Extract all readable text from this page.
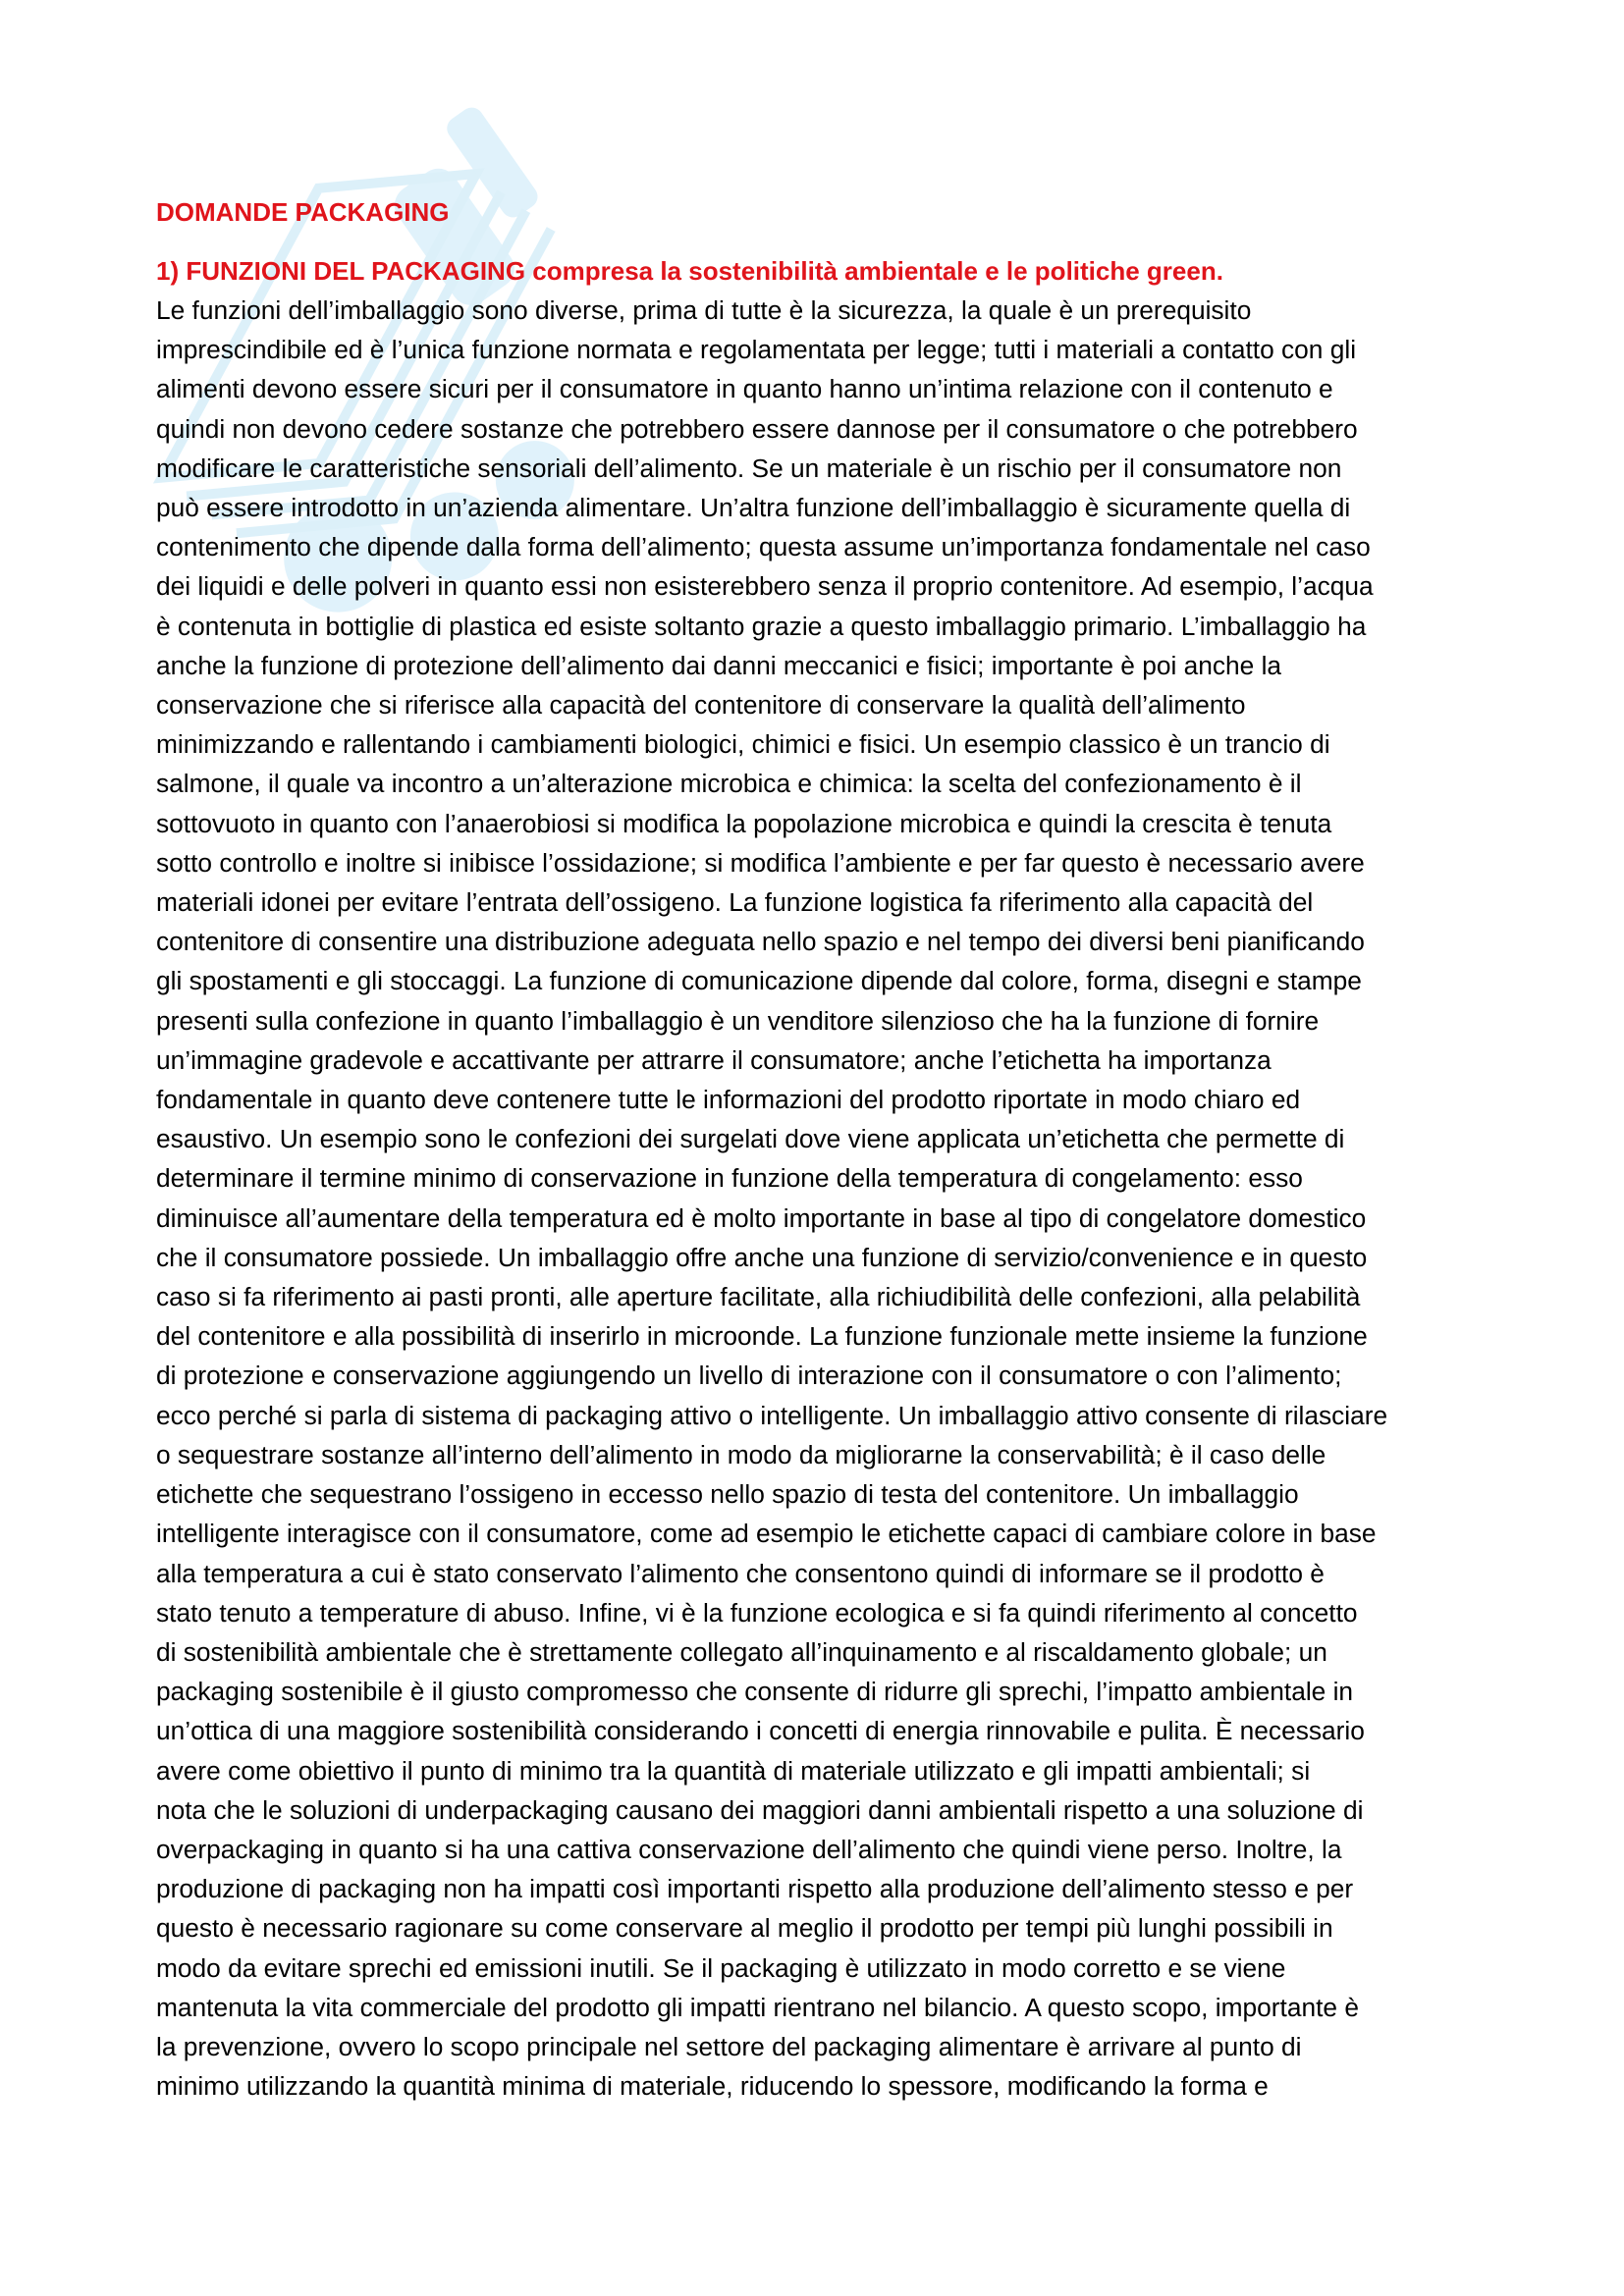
DOMANDE PACKAGING
1) FUNZIONI DEL PACKAGING compresa la sostenibilità ambientale e le politiche green.
Le funzioni dell’imballaggio sono diverse, prima di tutte è la sicurezza, la quale è un prerequisito
imprescindibile ed è l’unica funzione normata e regolamentata per legge; tutti i materiali a contatto con gli
alimenti devono essere sicuri per il consumatore in quanto hanno un’intima relazione con il contenuto e
quindi non devono cedere sostanze che potrebbero essere dannose per il consumatore o che potrebbero
modificare le caratteristiche sensoriali dell’alimento. Se un materiale è un rischio per il consumatore non
può essere introdotto in un’azienda alimentare. Un’altra funzione dell’imballaggio è sicuramente quella di
contenimento che dipende dalla forma dell’alimento; questa assume un’importanza fondamentale nel caso
dei liquidi e delle polveri in quanto essi non esisterebbero senza il proprio contenitore. Ad esempio, l’acqua
è contenuta in bottiglie di plastica ed esiste soltanto grazie a questo imballaggio primario. L’imballaggio ha
anche la funzione di protezione dell’alimento dai danni meccanici e fisici; importante è poi anche la
conservazione che si riferisce alla capacità del contenitore di conservare la qualità dell’alimento
minimizzando e rallentando i cambiamenti biologici, chimici e fisici. Un esempio classico è un trancio di
salmone, il quale va incontro a un’alterazione microbica e chimica: la scelta del confezionamento è il
sottovuoto in quanto con l’anaerobiosi si modifica la popolazione microbica e quindi la crescita è tenuta
sotto controllo e inoltre si inibisce l’ossidazione; si modifica l’ambiente e per far questo è necessario avere
materiali idonei per evitare l’entrata dell’ossigeno. La funzione logistica fa riferimento alla capacità del
contenitore di consentire una distribuzione adeguata nello spazio e nel tempo dei diversi beni pianificando
gli spostamenti e gli stoccaggi. La funzione di comunicazione dipende dal colore, forma, disegni e stampe
presenti sulla confezione in quanto l’imballaggio è un venditore silenzioso che ha la funzione di fornire
un’immagine gradevole e accattivante per attrarre il consumatore; anche l’etichetta ha importanza
fondamentale in quanto deve contenere tutte le informazioni del prodotto riportate in modo chiaro ed
esaustivo. Un esempio sono le confezioni dei surgelati dove viene applicata un’etichetta che permette di
determinare il termine minimo di conservazione in funzione della temperatura di congelamento: esso
diminuisce all’aumentare della temperatura ed è molto importante in base al tipo di congelatore domestico
che il consumatore possiede. Un imballaggio offre anche una funzione di servizio/convenience e in questo
caso si fa riferimento ai pasti pronti, alle aperture facilitate, alla richiudibilità delle confezioni, alla pelabilità
del contenitore e alla possibilità di inserirlo in microonde. La funzione funzionale mette insieme la funzione
di protezione e conservazione aggiungendo un livello di interazione con il consumatore o con l’alimento;
ecco perché si parla di sistema di packaging attivo o intelligente. Un imballaggio attivo consente di rilasciare
o sequestrare sostanze all’interno dell’alimento in modo da migliorarne la conservabilità; è il caso delle
etichette che sequestrano l’ossigeno in eccesso nello spazio di testa del contenitore. Un imballaggio
intelligente interagisce con il consumatore, come ad esempio le etichette capaci di cambiare colore in base
alla temperatura a cui è stato conservato l’alimento che consentono quindi di informare se il prodotto è
stato tenuto a temperature di abuso. Infine, vi è la funzione ecologica e si fa quindi riferimento al concetto
di sostenibilità ambientale che è strettamente collegato all’inquinamento e al riscaldamento globale; un
packaging sostenibile è il giusto compromesso che consente di ridurre gli sprechi, l’impatto ambientale in
un’ottica di una maggiore sostenibilità considerando i concetti di energia rinnovabile e pulita. È necessario
avere come obiettivo il punto di minimo tra la quantità di materiale utilizzato e gli impatti ambientali; si
nota che le soluzioni di underpackaging causano dei maggiori danni ambientali rispetto a una soluzione di
overpackaging in quanto si ha una cattiva conservazione dell’alimento che quindi viene perso. Inoltre, la
produzione di packaging non ha impatti così importanti rispetto alla produzione dell’alimento stesso e per
questo è necessario ragionare su come conservare al meglio il prodotto per tempi più lunghi possibili in
modo da evitare sprechi ed emissioni inutili. Se il packaging è utilizzato in modo corretto e se viene
mantenuta la vita commerciale del prodotto gli impatti rientrano nel bilancio. A questo scopo, importante è
la prevenzione, ovvero lo scopo principale nel settore del packaging alimentare è arrivare al punto di
minimo utilizzando la quantità minima di materiale, riducendo lo spessore, modificando la forma e
